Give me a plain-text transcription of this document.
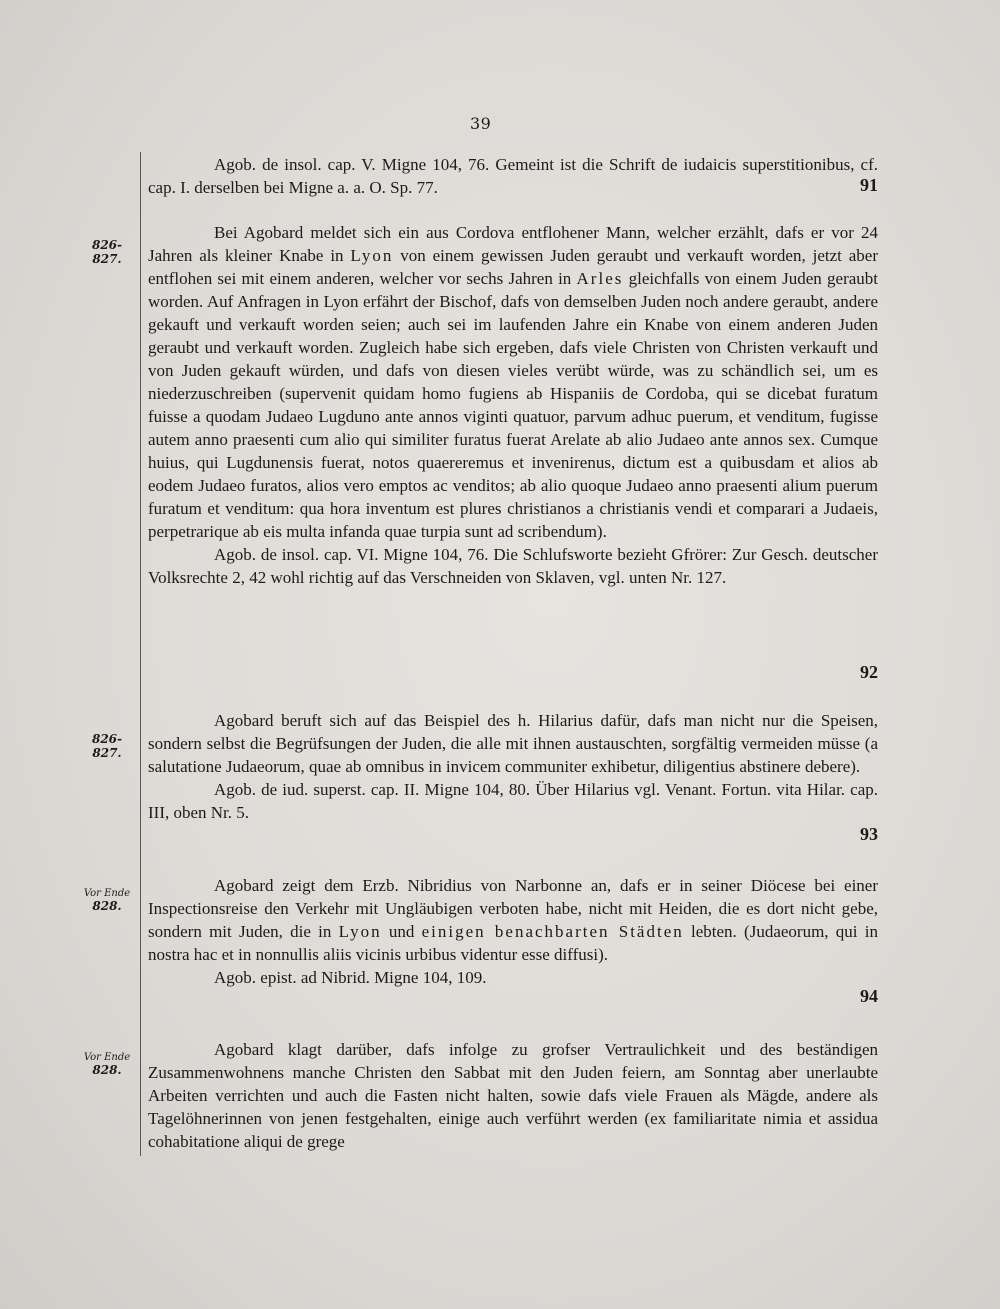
39
826-
827.
826-
827.
Vor Ende
828.
Vor Ende
828.

Agob. de insol. cap. V. Migne 104, 76. Gemeint ist die Schrift de iudaicis superstitionibus, cf. cap. I. derselben bei Migne a. a. O. Sp. 77.	91

Bei Agobard meldet sich ein aus Cordova entflohener Mann, welcher erzählt, dafs er vor 24 Jahren als kleiner Knabe in Lyon von einem gewissen Juden geraubt und verkauft worden, jetzt aber entflohen sei mit einem anderen, welcher vor sechs Jahren in Arles gleichfalls von einem Juden geraubt worden. Auf Anfragen in Lyon erfährt der Bischof, dafs von demselben Juden noch andere geraubt, andere gekauft und verkauft worden seien; auch sei im laufenden Jahre ein Knabe von einem anderen Juden geraubt und verkauft worden. Zugleich habe sich ergeben, dafs viele Christen von Christen verkauft und von Juden gekauft würden, und dafs von diesen vieles verübt würde, was zu schändlich sei, um es niederzuschreiben (supervenit quidam homo fugiens ab Hispaniis de Cordoba, qui se dicebat furatum fuisse a quodam Judaeo Lugduno ante annos viginti quatuor, parvum adhuc puerum, et venditum, fugisse autem anno praesenti cum alio qui similiter furatus fuerat Arelate ab alio Judaeo ante annos sex. Cumque huius, qui Lugdunensis fuerat, notos quaereremus et invenirenus, dictum est a quibusdam et alios ab eodem Judaeo furatos, alios vero emptos ac venditos; ab alio quoque Judaeo anno praesenti alium puerum furatum et venditum: qua hora inventum est plures christianos a christianis vendi et comparari a Judaeis, perpetrarique ab eis multa infanda quae turpia sunt ad scribendum).

Agob. de insol. cap. VI. Migne 104, 76. Die Schlufsworte bezieht Gfrörer: Zur Gesch. deutscher Volksrechte 2, 42 wohl richtig auf das Verschneiden von Sklaven, vgl. unten Nr. 127.

92

Agobard beruft sich auf das Beispiel des h. Hilarius dafür, dafs man nicht nur die Speisen, sondern selbst die Begrüfsungen der Juden, die alle mit ihnen austauschten, sorgfältig vermeiden müsse (a salutatione Judaeorum, quae ab omnibus in invicem communiter exhibetur, diligentius abstinere debere).

Agob. de iud. superst. cap. II. Migne 104, 80. Über Hilarius vgl. Venant. Fortun. vita Hilar. cap. III, oben Nr. 5.

93

Agobard zeigt dem Erzb. Nibridius von Narbonne an, dafs er in seiner Diöcese bei einer Inspectionsreise den Verkehr mit Ungläubigen verboten habe, nicht mit Heiden, die es dort nicht gebe, sondern mit Juden, die in Lyon und einigen benachbarten Städten lebten. (Judaeorum, qui in nostra hac et in nonnullis aliis vicinis urbibus videntur esse diffusi).

Agob. epist. ad Nibrid. Migne 104, 109.

94

Agobard klagt darüber, dafs infolge zu grofser Vertraulichkeit und des beständigen Zusammenwohnens manche Christen den Sabbat mit den Juden feiern, am Sonntag aber unerlaubte Arbeiten verrichten und auch die Fasten nicht halten, sowie dafs viele Frauen als Mägde, andere als Tagelöhnerinnen von jenen festgehalten, einige auch verführt werden (ex familiaritate nimia et assidua cohabitatione aliqui de grege
